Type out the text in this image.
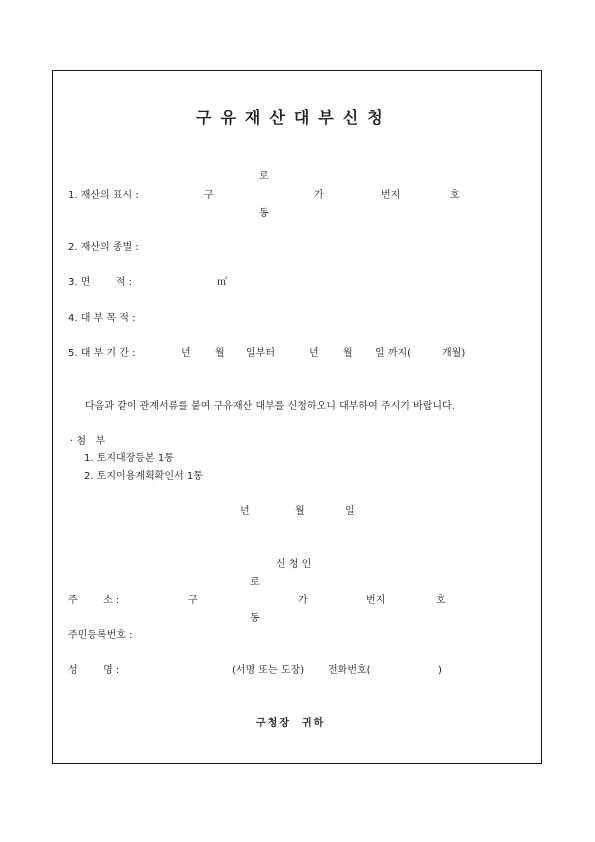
구유재산대부신청
로
1. 재산의 표시 :	구	가	번지	호
동
2. 재산의 종별 :
3. 면        적 :	㎡
4. 대 부 목 적 :
5. 대 부 기 간 :	년 월 일부터	년 월 일 까지(	개월)
다음과 같이 관계서류를 붙여 구유재산 대부를 신청하오니 대부하여 주시기 바랍니다.
· 첨   부
1. 토지대장등본 1통
2. 토지이용계획확인서 1통
년	월	일
신 청 인
로
주        소 :	구	가	번지	호
동
주민등록번호 :
성        명 :	(서명 또는 도장) 전화번호(	)
구청장  귀하
